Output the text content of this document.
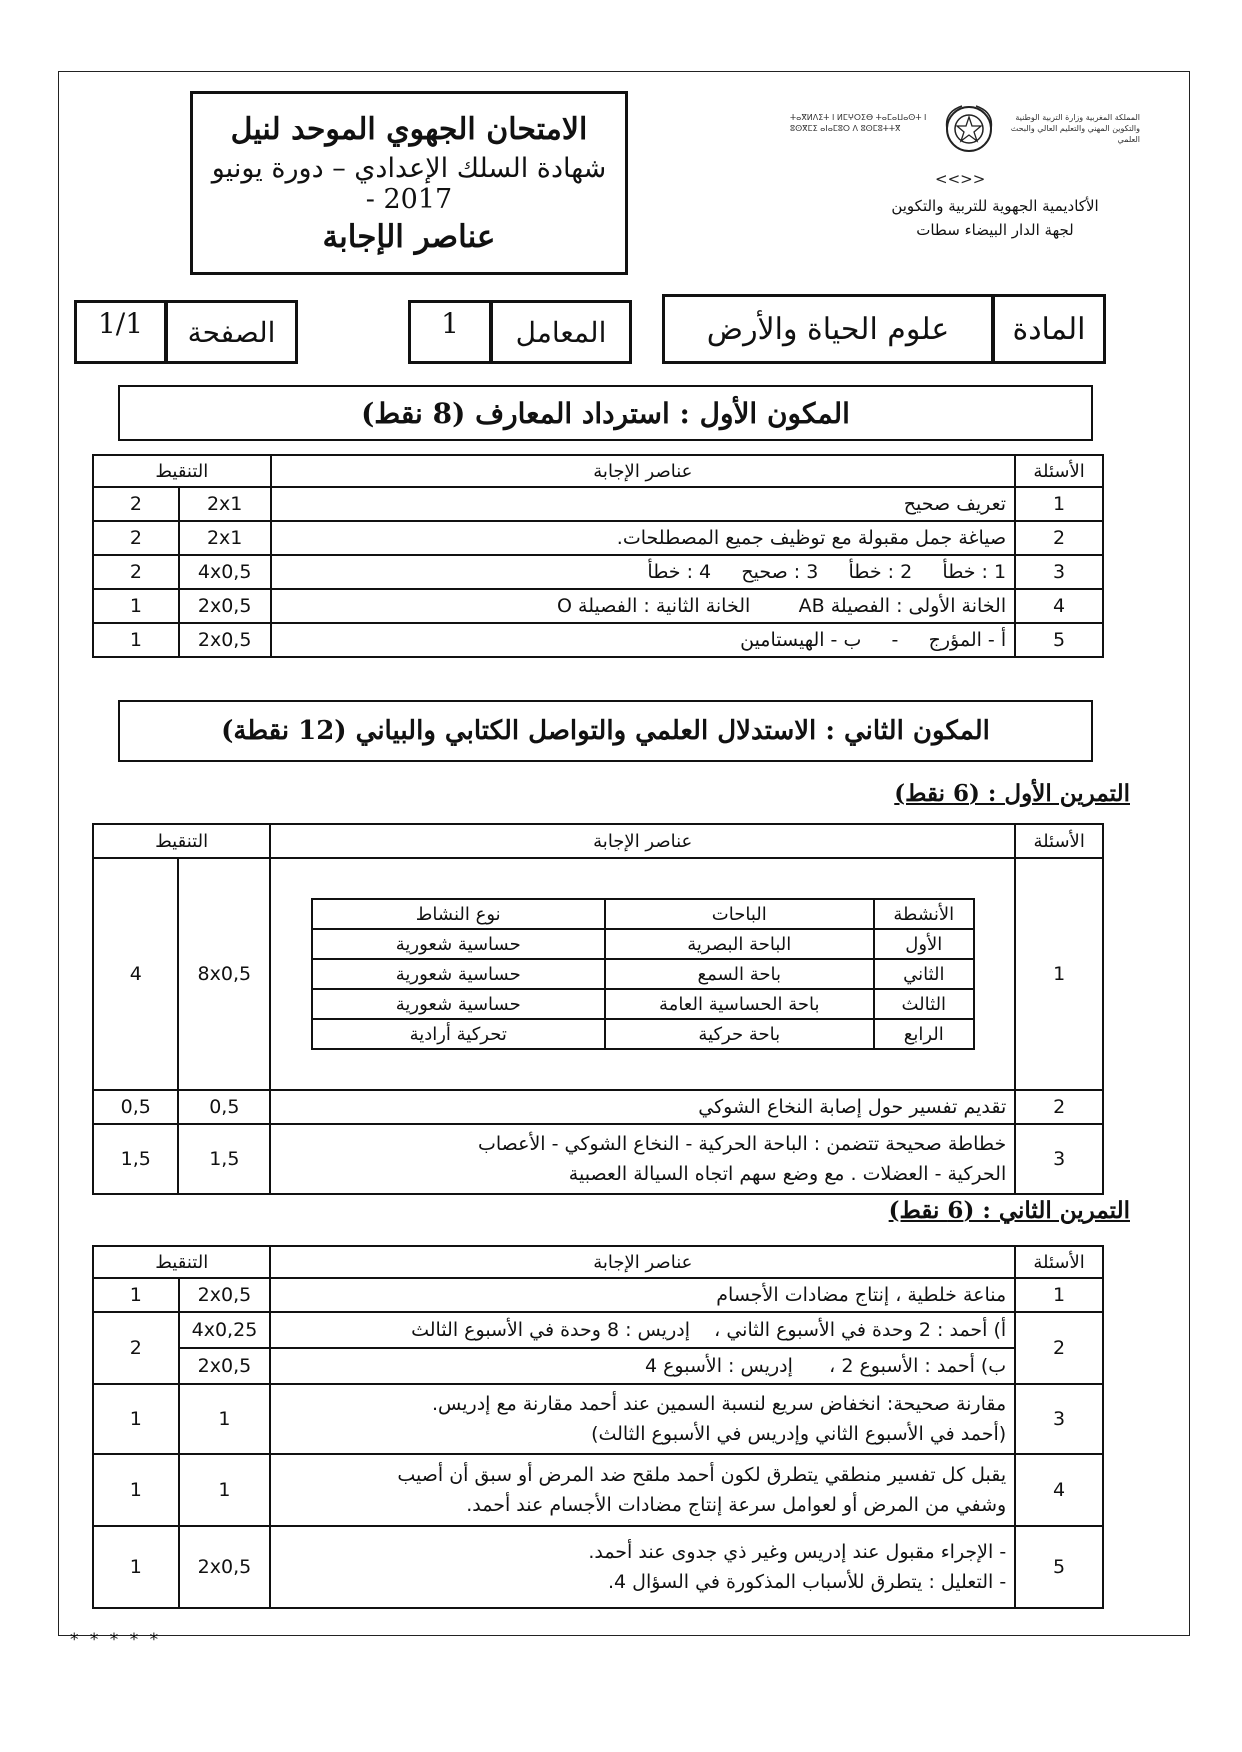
الامتحان الجهوي الموحد لنيل
شهادة السلك الإعدادي – دورة يونيو 2017 -
عناصر الإجابة
ⵜⴰⴳⵍⴷⵉⵜ ⵏ ⵍⵎⵖⵔⵉⴱ ⵜⴰⵎⴰⵡⴰⵙⵜ ⵏ ⵓⵙⴳⵎⵉ ⴰⵏⴰⵎⵓⵔ ⴷ ⵓⵙⵎⵓⵜⵜⴳ
المملكة المغربية وزارة التربية الوطنية والتكوين المهني والتعليم العالي والبحث العلمي
<<>>
الأكاديمية الجهوية للتربية والتكوين
لجهة الدار البيضاء سطات
المادة
علوم الحياة والأرض
المعامل
1
الصفحة
1/1
المكون الأول : استرداد المعارف (8 نقط)
الأسئلة	عناصر الإجابة	التنقيط	
1	تعريف صحيح	2x1	2
2	صياغة جمل مقبولة مع توظيف جميع المصطلحات.	2x1	2
3	1 : خطأ     2 : خطأ     3 : صحيح     4 : خطأ	4x0,5	2
4	الخانة الأولى : الفصيلة AB        الخانة الثانية : الفصيلة O	2x0,5	1
5	أ - المؤرج     -     ب - الهيستامين	2x0,5	1
المكون الثاني : الاستدلال العلمي والتواصل الكتابي والبياني (12 نقطة)
التمرين الأول : (6 نقط)
الأسئلة	عناصر الإجابة	التنقيط
1	
الأنشطة	الباحات	نوع النشاط
الأول	الباحة البصرية	حساسية شعورية
الثاني	باحة السمع	حساسية شعورية
الثالث	باحة الحساسية العامة	حساسية شعورية
الرابع	باحة حركية	تحركية أرادية
	8x0,5	4
2	تقديم تفسير حول إصابة النخاع الشوكي	0,5	0,5
3	
خطاطة صحيحة تتضمن : الباحة الحركية - النخاع الشوكي - الأعصاب
الحركية - العضلات . مع وضع سهم اتجاه السيالة العصبية
	1,5	1,5
التمرين الثاني : (6 نقط)
الأسئلة	عناصر الإجابة	التنقيط	
1	مناعة خلطية ، إنتاج مضادات الأجسام	2x0,5	1
2	أ) أحمد : 2 وحدة في الأسبوع الثاني ،    إدريس : 8 وحدة في الأسبوع الثالث	4x0,25	2
	ب) أحمد : الأسبوع 2 ،      إدريس : الأسبوع 4	2x0,5	
3	مقارنة صحيحة: انخفاض سريع لنسبة السمين عند أحمد مقارنة مع إدريس.
(أحمد في الأسبوع الثاني وإدريس في الأسبوع الثالث)	1	1
4	يقبل كل تفسير منطقي يتطرق لكون أحمد ملقح ضد المرض أو سبق أن أصيب
وشفي من المرض أو لعوامل سرعة إنتاج مضادات الأجسام عند أحمد.	1	1
5	- الإجراء مقبول عند إدريس وغير ذي جدوى عند أحمد.
- التعليل : يتطرق للأسباب المذكورة في السؤال 4.	2x0,5	1
* * * * *
